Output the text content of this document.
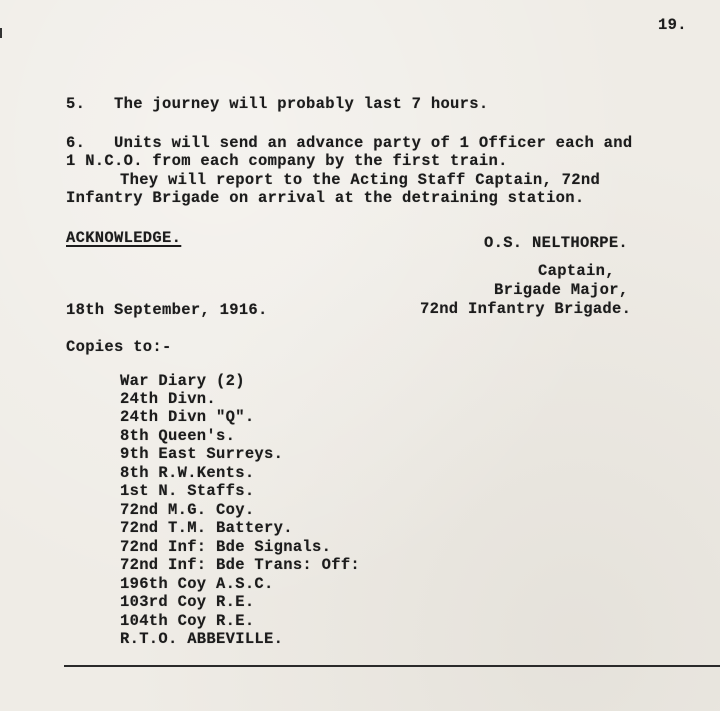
19.
5.   The journey will probably last 7 hours.
6.   Units will send an advance party of 1 Officer each and
1 N.C.O. from each company by the first train.
They will report to the Acting Staff Captain, 72nd
Infantry Brigade on arrival at the detraining station.
ACKNOWLEDGE.	O.S. NELTHORPE.
Captain,
Brigade Major,
72nd Infantry Brigade.
18th September, 1916.
Copies to:-
War Diary (2)
24th Divn.
24th Divn "Q".
8th Queen's.
9th East Surreys.
8th R.W.Kents.
1st N. Staffs.
72nd M.G. Coy.
72nd T.M. Battery.
72nd Inf: Bde Signals.
72nd Inf: Bde Trans: Off:
196th Coy A.S.C.
103rd Coy R.E.
104th Coy R.E.
R.T.O. ABBEVILLE.
